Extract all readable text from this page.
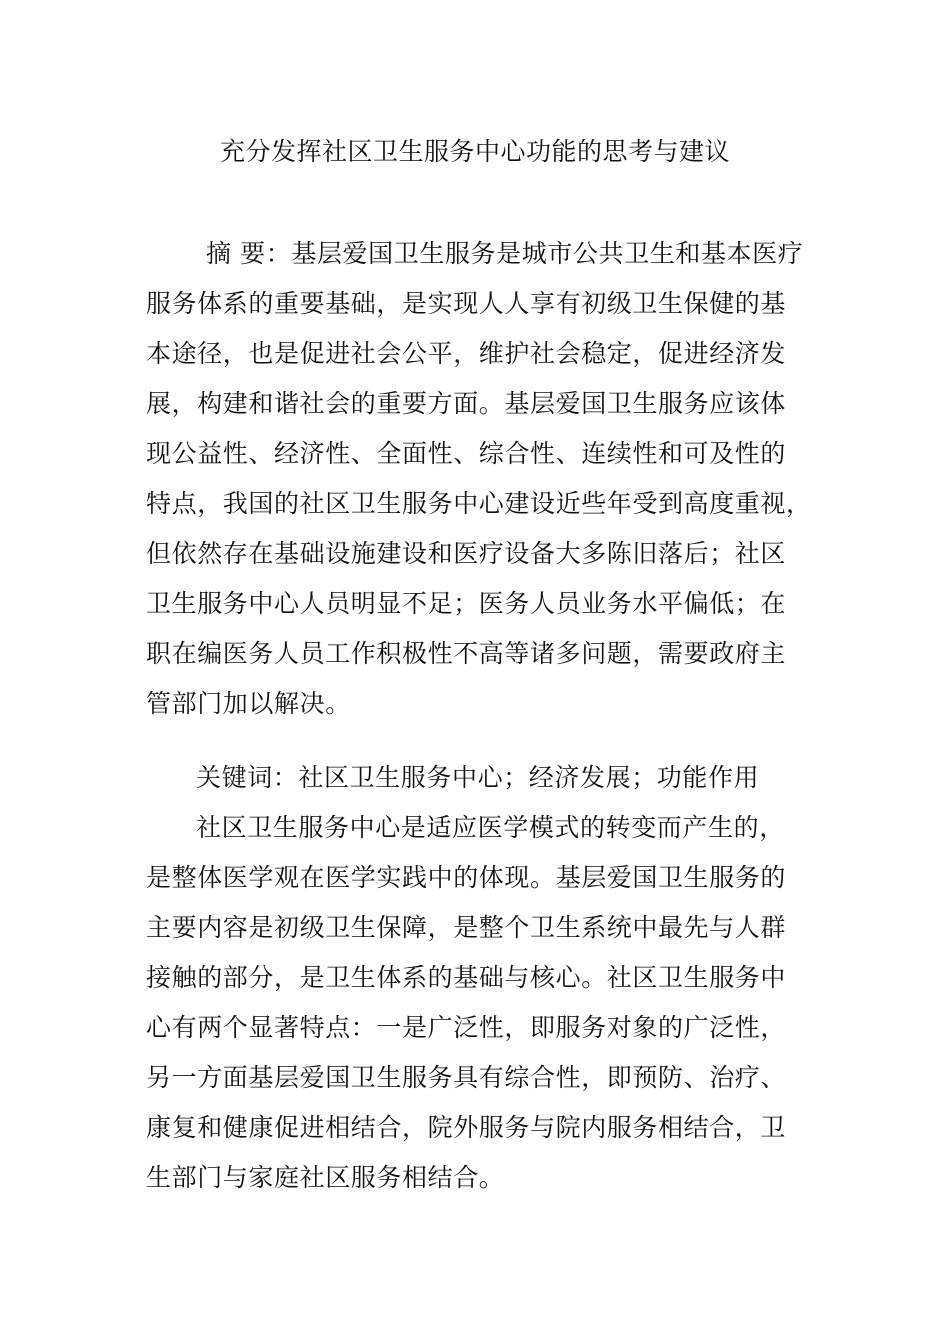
充分发挥社区卫生服务中心功能的思考与建议
摘 要：基层爱国卫生服务是城市公共卫生和基本医疗
服务体系的重要基础，是实现人人享有初级卫生保健的基
本途径，也是促进社会公平，维护社会稳定，促进经济发
展，构建和谐社会的重要方面。基层爱国卫生服务应该体
现公益性、经济性、全面性、综合性、连续性和可及性的
特点，我国的社区卫生服务中心建设近些年受到高度重视，
但依然存在基础设施建设和医疗设备大多陈旧落后；社区
卫生服务中心人员明显不足；医务人员业务水平偏低；在
职在编医务人员工作积极性不高等诸多问题，需要政府主
管部门加以解决。
关键词：社区卫生服务中心；经济发展；功能作用
社区卫生服务中心是适应医学模式的转变而产生的，
是整体医学观在医学实践中的体现。基层爱国卫生服务的
主要内容是初级卫生保障，是整个卫生系统中最先与人群
接触的部分，是卫生体系的基础与核心。社区卫生服务中
心有两个显著特点：一是广泛性，即服务对象的广泛性，
另一方面基层爱国卫生服务具有综合性，即预防、治疗、
康复和健康促进相结合，院外服务与院内服务相结合，卫
生部门与家庭社区服务相结合。
